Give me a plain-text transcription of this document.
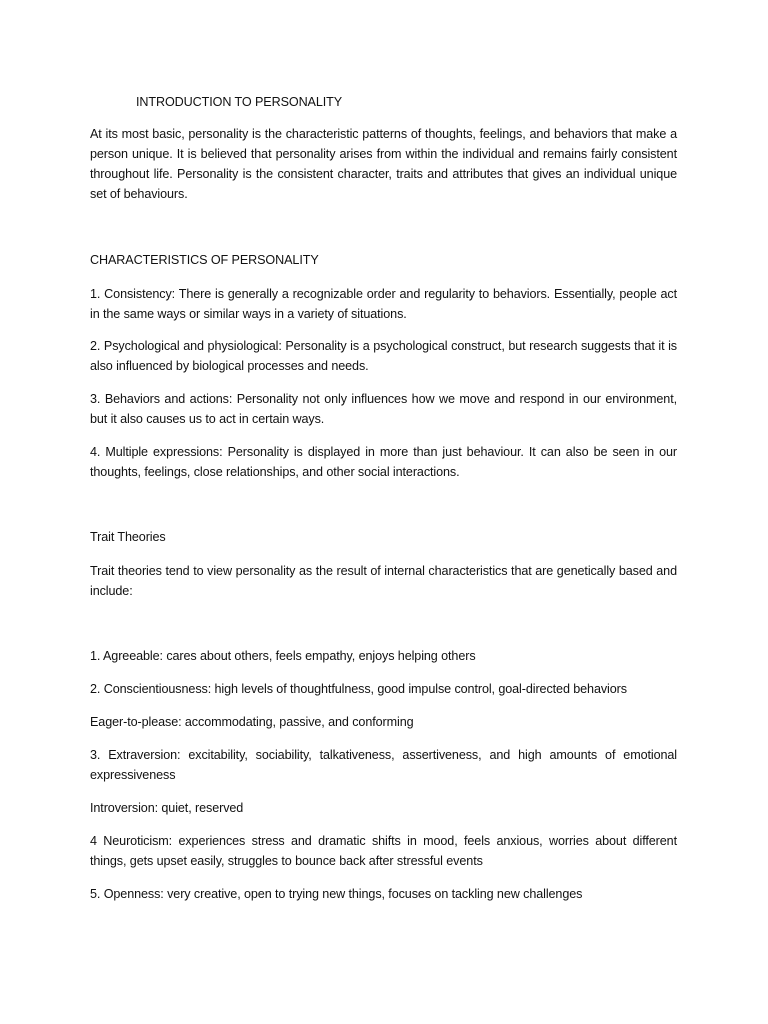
INTRODUCTION TO PERSONALITY

At its most basic, personality is the characteristic patterns of thoughts, feelings, and behaviors that make a person unique. It is believed that personality arises from within the individual and remains fairly consistent throughout life. Personality is the consistent character, traits and attributes that gives an individual unique set of behaviours.

CHARACTERISTICS OF PERSONALITY

1. Consistency: There is generally a recognizable order and regularity to behaviors. Essentially, people act in the same ways or similar ways in a variety of situations.

2. Psychological and physiological: Personality is a psychological construct, but research suggests that it is also influenced by biological processes and needs.

3. Behaviors and actions: Personality not only influences how we move and respond in our environment, but it also causes us to act in certain ways.

4. Multiple expressions: Personality is displayed in more than just behaviour. It can also be seen in our thoughts, feelings, close relationships, and other social interactions.

Trait Theories

Trait theories tend to view personality as the result of internal characteristics that are genetically based and include:

1. Agreeable: cares about others, feels empathy, enjoys helping others

2. Conscientiousness: high levels of thoughtfulness, good impulse control, goal-directed behaviors

Eager-to-please: accommodating, passive, and conforming

3. Extraversion: excitability, sociability, talkativeness, assertiveness, and high amounts of emotional expressiveness

Introversion: quiet, reserved

4 Neuroticism: experiences stress and dramatic shifts in mood, feels anxious, worries about different things, gets upset easily, struggles to bounce back after stressful events

5. Openness: very creative, open to trying new things, focuses on tackling new challenges
